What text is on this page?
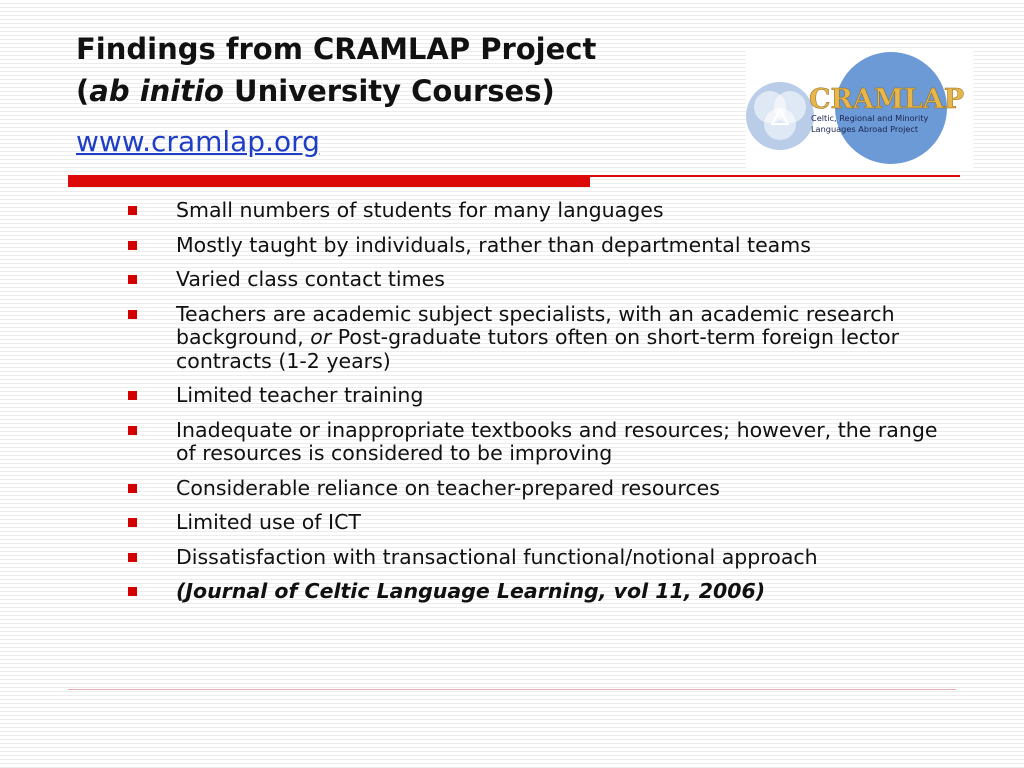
Findings from CRAMLAP Project
(ab initio University Courses)
www.cramlap.org
CRAMLAP
Celtic, Regional and Minority
Languages Abroad Project
Small numbers of students for many languages
Mostly taught by individuals, rather than departmental teams
Varied class contact times
Teachers are academic subject specialists, with an academic research background, or Post-graduate tutors often on short-term foreign lector contracts (1-2 years)
Limited teacher training
Inadequate or inappropriate textbooks and resources; however, the range of resources is considered to be improving
Considerable reliance on teacher-prepared resources
Limited use of ICT
Dissatisfaction with transactional functional/notional approach
(Journal of Celtic Language Learning, vol 11, 2006)
